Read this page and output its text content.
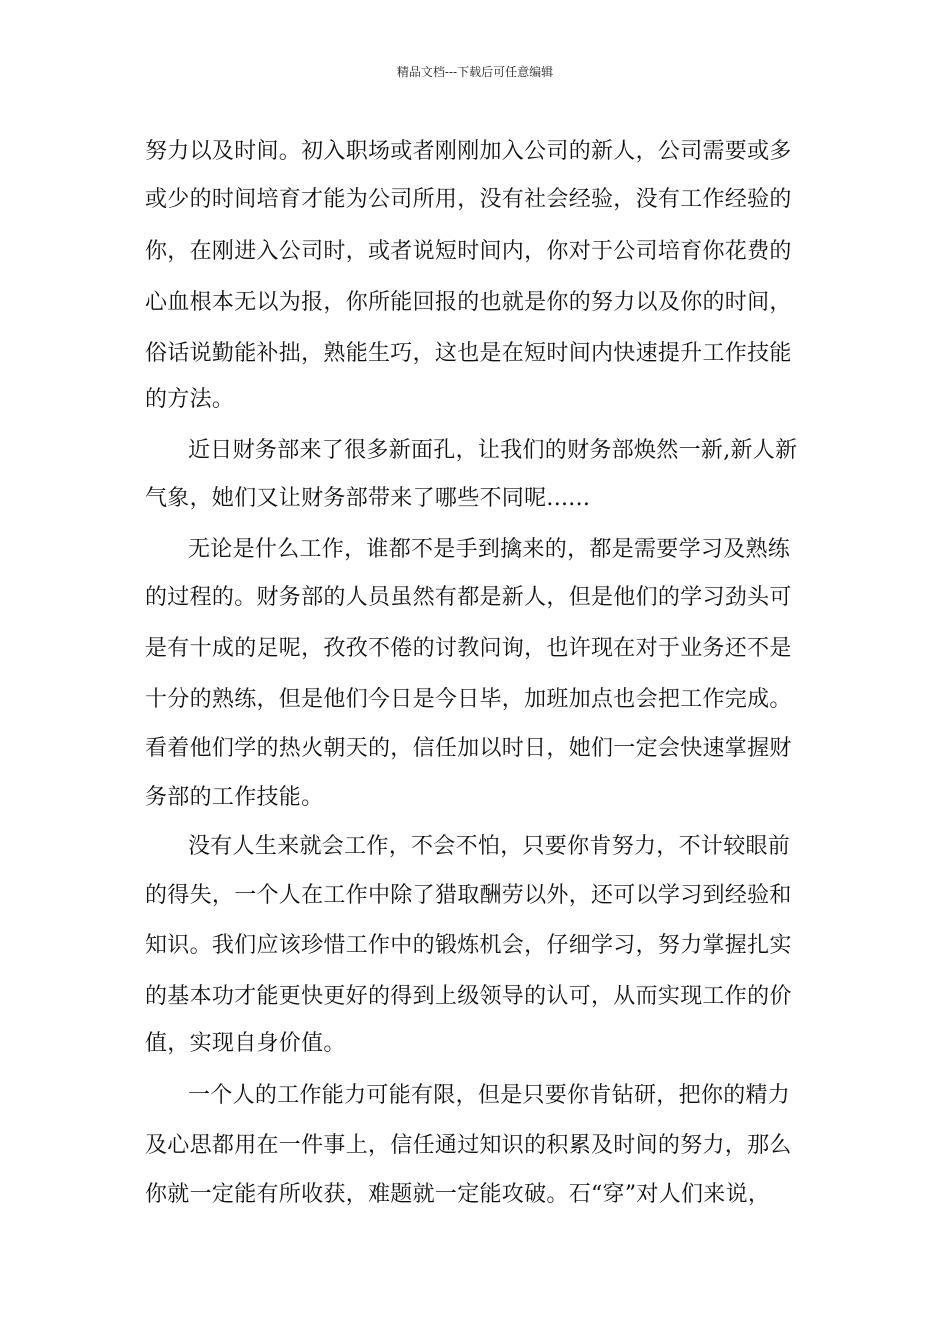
精品文档---下载后可任意编辑
努力以及时间。初入职场或者刚刚加入公司的新人，公司需要或多
或少的时间培育才能为公司所用，没有社会经验，没有工作经验的
你，在刚进入公司时，或者说短时间内，你对于公司培育你花费的
心血根本无以为报，你所能回报的也就是你的努力以及你的时间，
俗话说勤能补拙，熟能生巧，这也是在短时间内快速提升工作技能
的方法。
近日财务部来了很多新面孔，让我们的财务部焕然一新,新人新
气象，她们又让财务部带来了哪些不同呢......
无论是什么工作，谁都不是手到擒来的，都是需要学习及熟练
的过程的。财务部的人员虽然有都是新人，但是他们的学习劲头可
是有十成的足呢，孜孜不倦的讨教问询，也许现在对于业务还不是
十分的熟练，但是他们今日是今日毕，加班加点也会把工作完成。
看着他们学的热火朝天的，信任加以时日，她们一定会快速掌握财
务部的工作技能。
没有人生来就会工作，不会不怕，只要你肯努力，不计较眼前
的得失，一个人在工作中除了猎取酬劳以外，还可以学习到经验和
知识。我们应该珍惜工作中的锻炼机会，仔细学习，努力掌握扎实
的基本功才能更快更好的得到上级领导的认可，从而实现工作的价
值，实现自身价值。
一个人的工作能力可能有限，但是只要你肯钻研，把你的精力
及心思都用在一件事上，信任通过知识的积累及时间的努力，那么
你就一定能有所收获，难题就一定能攻破。石“穿”对人们来说，
